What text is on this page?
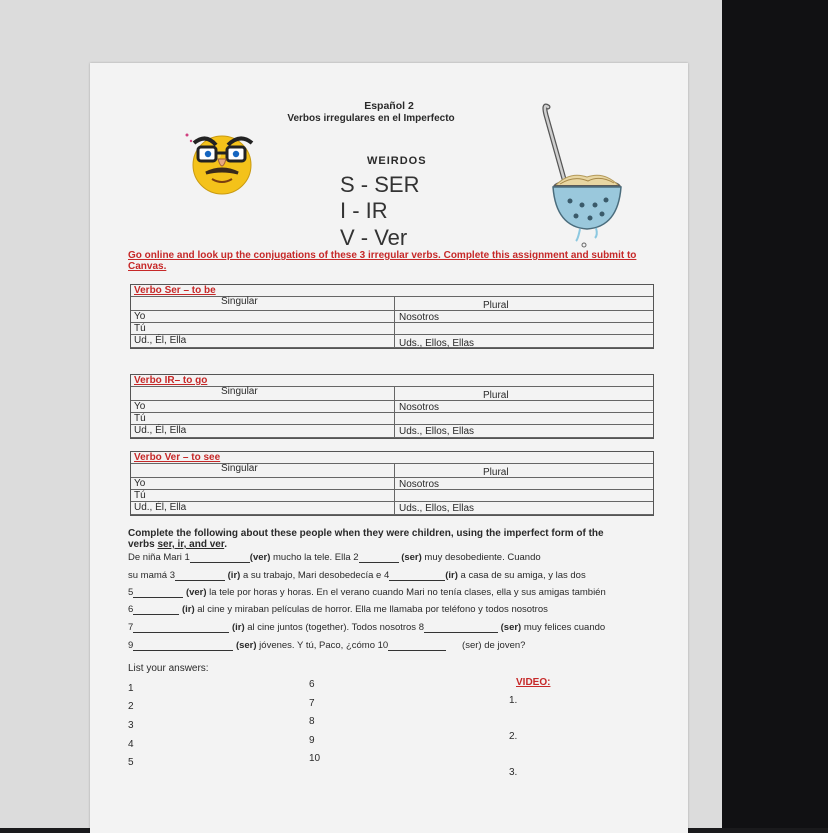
Español 2
Verbos irregulares en el Imperfecto
WEIRDOS
S - SER
I - IR
V - Ver
Go online and look up the conjugations of these 3 irregular verbs. Complete this assignment and submit to Canvas.
Verbo Ser – to be
Singular	Plural
Yo	Nosotros
Tú
Ud., Él, Ella	Uds., Ellos, Ellas
Verbo IR– to go
Singular	Plural
Yo	Nosotros
Tú
Ud., Él, Ella	Uds., Ellos, Ellas
Verbo Ver – to see
Singular	Plural
Yo	Nosotros
Tú
Ud., Él, Ella	Uds., Ellos, Ellas
Complete the following about these people when they were children, using the imperfect form of the
verbs ser, ir, and ver.
De niña Mari 1	(ver) mucho la tele. Ella 2	(ser) muy desobediente. Cuando
su mamá 3	(ir) a su trabajo, Mari desobedecía e 4	(ir) a casa de su amiga, y las dos
5	(ver) la tele por horas y horas. En el verano cuando Mari no tenía clases, ella y sus amigas también
6	(ir) al cine y miraban películas de horror. Ella me llamaba por teléfono y todos nosotros
7	(ir) al cine juntos (together). Todos nosotros 8	(ser) muy felices cuando
9	(ser) jóvenes. Y tú, Paco, ¿cómo 10	(ser) de joven?
List your answers:
1
2
3
4
5
6
7
8
9
10
VIDEO:
1.
2.
3.
